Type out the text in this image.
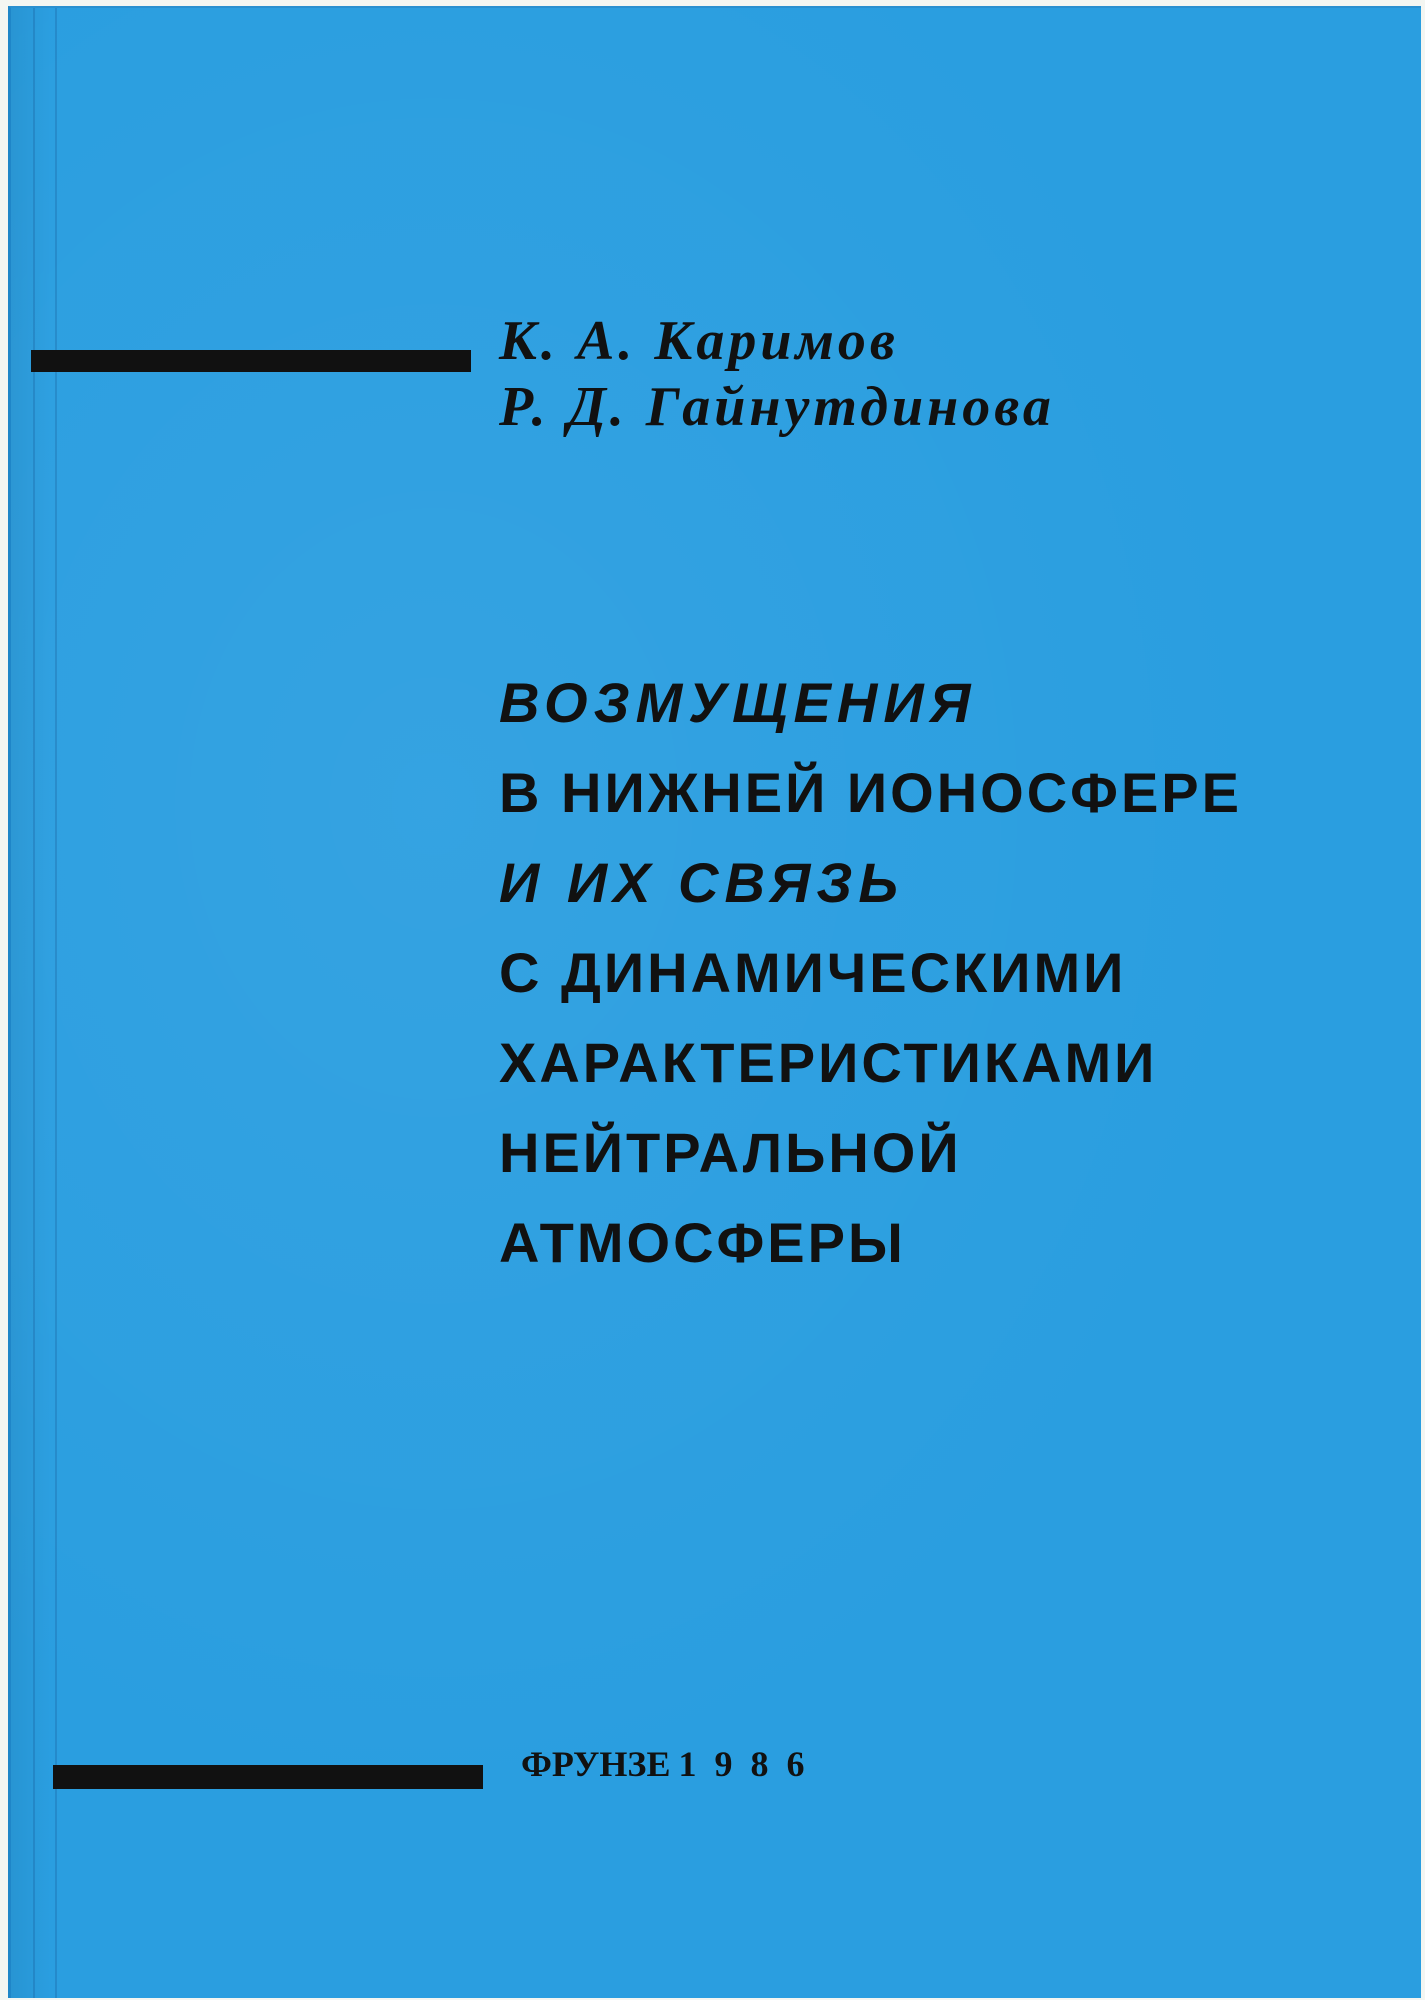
К. А. Каримов
Р. Д. Гайнутдинова
ВОЗМУЩЕНИЯ
В НИЖНЕЙ ИОНОСФЕРЕ
И ИХ СВЯЗЬ
С ДИНАМИЧЕСКИМИ
ХАРАКТЕРИСТИКАМИ
НЕЙТРАЛЬНОЙ
АТМОСФЕРЫ
ФРУНЗЕ 1986
